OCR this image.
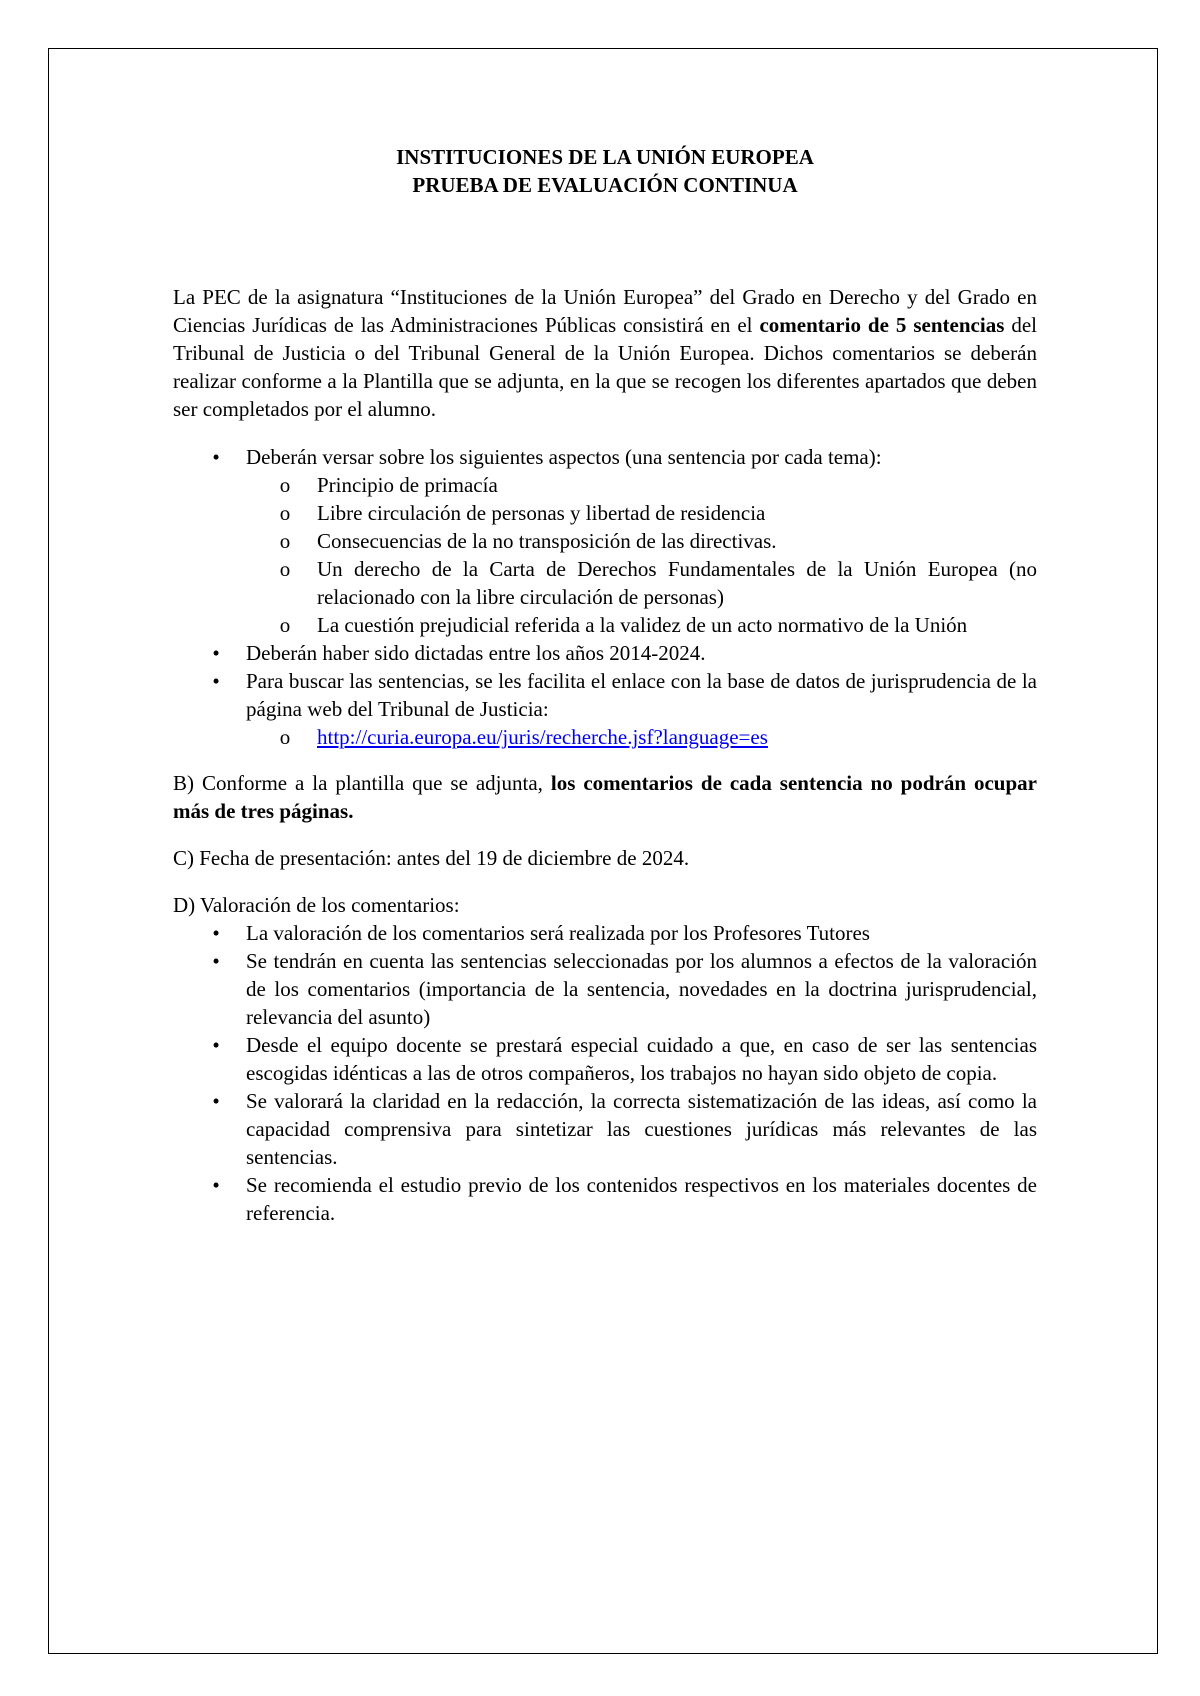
INSTITUCIONES DE LA UNIÓN EUROPEA
PRUEBA DE EVALUACIÓN CONTINUA

La PEC de la asignatura “Instituciones de la Unión Europea” del Grado en Derecho y del Grado en Ciencias Jurídicas de las Administraciones Públicas consistirá en el comentario de 5 sentencias del Tribunal de Justicia o del Tribunal General de la Unión Europea. Dichos comentarios se deberán realizar conforme a la Plantilla que se adjunta, en la que se recogen los diferentes apartados que deben ser completados por el alumno.

• Deberán versar sobre los siguientes aspectos (una sentencia por cada tema):
o Principio de primacía
o Libre circulación de personas y libertad de residencia
o Consecuencias de la no transposición de las directivas.
o Un derecho de la Carta de Derechos Fundamentales de la Unión Europea (no relacionado con la libre circulación de personas)
o La cuestión prejudicial referida a la validez de un acto normativo de la Unión
• Deberán haber sido dictadas entre los años 2014-2024.
• Para buscar las sentencias, se les facilita el enlace con la base de datos de jurisprudencia de la página web del Tribunal de Justicia:
o http://curia.europa.eu/juris/recherche.jsf?language=es

B) Conforme a la plantilla que se adjunta, los comentarios de cada sentencia no podrán ocupar más de tres páginas.

C) Fecha de presentación: antes del 19 de diciembre de 2024.

D) Valoración de los comentarios:

• La valoración de los comentarios será realizada por los Profesores Tutores
• Se tendrán en cuenta las sentencias seleccionadas por los alumnos a efectos de la valoración de los comentarios (importancia de la sentencia, novedades en la doctrina jurisprudencial, relevancia del asunto)
• Desde el equipo docente se prestará especial cuidado a que, en caso de ser las sentencias escogidas idénticas a las de otros compañeros, los trabajos no hayan sido objeto de copia.
• Se valorará la claridad en la redacción, la correcta sistematización de las ideas, así como la capacidad comprensiva para sintetizar las cuestiones jurídicas más relevantes de las sentencias.
• Se recomienda el estudio previo de los contenidos respectivos en los materiales docentes de referencia.
